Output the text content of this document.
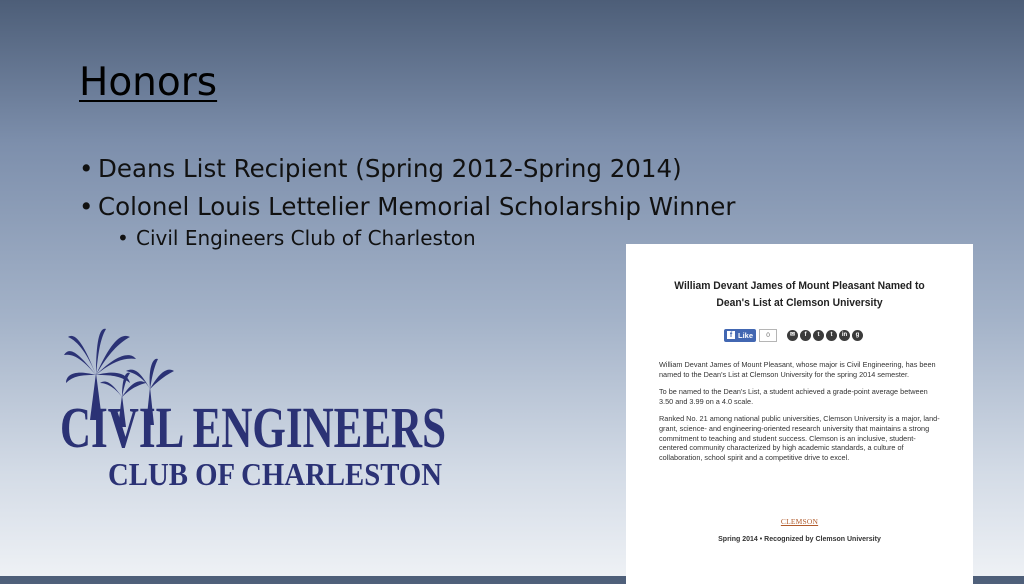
Honors
• Deans List Recipient (Spring 2012-Spring 2014)
• Colonel Louis Lettelier Memorial Scholarship Winner
• Civil Engineers Club of Charleston
CIVIL ENGINEERS
CLUB OF CHARLESTON
William Devant James of Mount Pleasant Named to Dean's List at Clemson University
f Like	0	✉	f	t	t	in	g

William Devant James of Mount Pleasant, whose major is Civil Engineering, has been named to the Dean's List at Clemson University for the spring 2014 semester.

To be named to the Dean's List, a student achieved a grade-point average between 3.50 and 3.99 on a 4.0 scale.

Ranked No. 21 among national public universities, Clemson University is a major, land-grant, science- and engineering-oriented research university that maintains a strong commitment to teaching and student success. Clemson is an inclusive, student-centered community characterized by high academic standards, a culture of collaboration, school spirit and a competitive drive to excel.

CLEMSON
Spring 2014 • Recognized by Clemson University
